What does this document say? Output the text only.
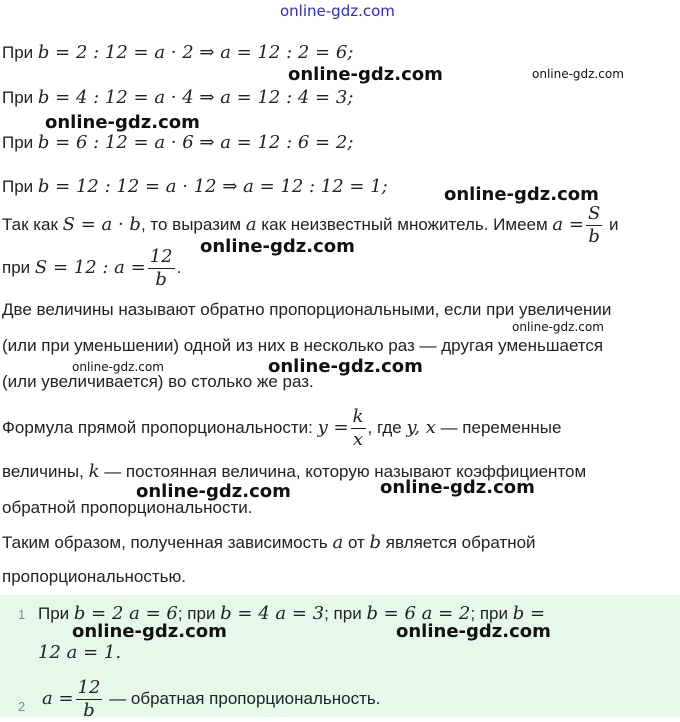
online-gdz.com
При b = 2 : 12 = a · 2 ⇒ a = 12 : 2 = 6;
online-gdz.com	online-gdz.com
При b = 4 : 12 = a · 4 ⇒ a = 12 : 4 = 3;
online-gdz.com
При b = 6 : 12 = a · 6 ⇒ a = 12 : 6 = 2;
При b = 12 : 12 = a · 12 ⇒ a = 12 : 12 = 1;	online-gdz.com
Так как S = a · b, то выразим a как неизвестный множитель. Имеем $a = \frac{S}{b}$ и
online-gdz.com
при S = 12 : $a = \frac{12}{b}$ .
Две величины называют обратно пропорциональными, если при увеличении
online-gdz.com
(или при уменьшении) одной из них в несколько раз — другая уменьшается
online-gdz.com	online-gdz.com
(или увеличивается) во столько же раз.
Формула прямой пропорциональности: $y = \frac{k}{x}$ , где y, x — переменные
величины, k — постоянная величина, которую называют коэффициентом
online-gdz.com	online-gdz.com
обратной пропорциональности.
Таким образом, полученная зависимость a от b является обратной
пропорциональностью.
1 При b = 2 a = 6; при b = 4 a = 3; при b = 6 a = 2; при b =
online-gdz.com	online-gdz.com
12 a = 1.
2 $a = \frac{12}{b}$ — обратная пропорциональность.
